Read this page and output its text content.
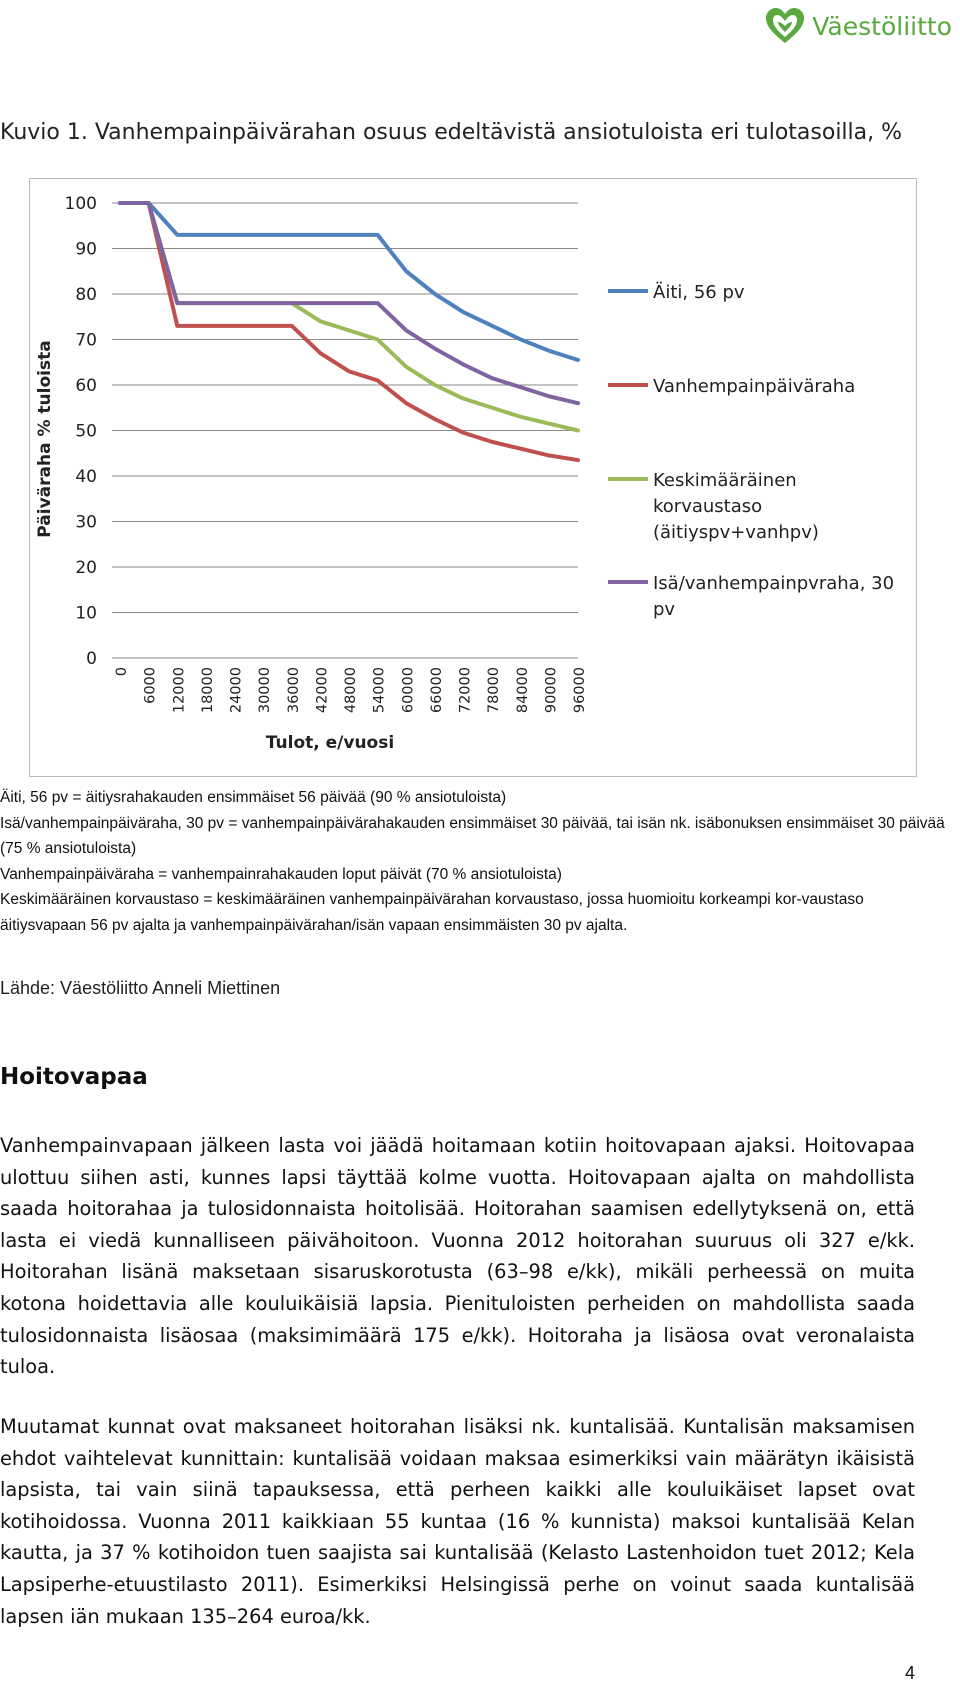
Väestöliitto
Kuvio 1. Vanhempainpäivärahan osuus edeltävistä ansiotuloista eri tulotasoilla, %
0
10
20
30
40
50
60
70
80
90
100
0 6000 12000 18000 24000 30000 36000 42000 48000 54000 60000 66000 72000 78000 84000 90000 96000
Päiväraha % tuloista
Tulot, e/vuosi
Äiti, 56 pv
Vanhempainpäiväraha
Keskimääräinen korvaustaso (äitiyspv+vanhpv)
Isä/vanhempainpvraha, 30 pv

Äiti, 56 pv = äitiysrahakauden ensimmäiset 56 päivää (90 % ansiotuloista)

Isä/vanhempainpäiväraha, 30 pv = vanhempainpäivärahakauden ensimmäiset 30 päivää, tai isän nk. isäbonuksen ensimmäiset 30 päivää (75 % ansiotuloista)

Vanhempainpäiväraha = vanhempainrahakauden loput päivät (70 % ansiotuloista)

Keskimääräinen korvaustaso = keskimääräinen vanhempainpäivärahan korvaustaso, jossa huomioitu korkeampi kor-vaustaso äitiysvapaan 56 pv ajalta ja vanhempainpäivärahan/isän vapaan ensimmäisten 30 pv ajalta.

Lähde: Väestöliitto Anneli Miettinen
Hoitovapaa

Vanhempainvapaan jälkeen lasta voi jäädä hoitamaan kotiin hoitovapaan ajaksi. Hoitovapaa ulottuu siihen asti, kunnes lapsi täyttää kolme vuotta. Hoitovapaan ajalta on mahdollista saada hoitorahaa ja tulosidonnaista hoitolisää. Hoitorahan saamisen edellytyksenä on, että lasta ei viedä kunnalliseen päivähoitoon. Vuonna 2012 hoitorahan suuruus oli 327 e/kk. Hoitorahan lisänä maksetaan sisaruskorotusta (63–98 e/kk), mikäli perheessä on muita kotona hoidettavia alle kouluikäisiä lapsia. Pienituloisten perheiden on mahdollista saada tulosidonnaista lisäosaa (maksimimäärä 175 e/kk). Hoitoraha ja lisäosa ovat veronalaista tuloa.

Muutamat kunnat ovat maksaneet hoitorahan lisäksi nk. kuntalisää. Kuntalisän maksamisen ehdot vaihtelevat kunnittain: kuntalisää voidaan maksaa esimerkiksi vain määrätyn ikäisistä lapsista, tai vain siinä tapauksessa, että perheen kaikki alle kouluikäiset lapset ovat kotihoidossa. Vuonna 2011 kaikkiaan 55 kuntaa (16 % kunnista) maksoi kuntalisää Kelan kautta, ja 37 % kotihoidon tuen saajista sai kuntalisää (Kelasto Lastenhoidon tuet 2012; Kela Lapsiperhe-etuustilasto 2011). Esimerkiksi Helsingissä perhe on voinut saada kuntalisää lapsen iän mukaan 135–264 euroa/kk.

4
